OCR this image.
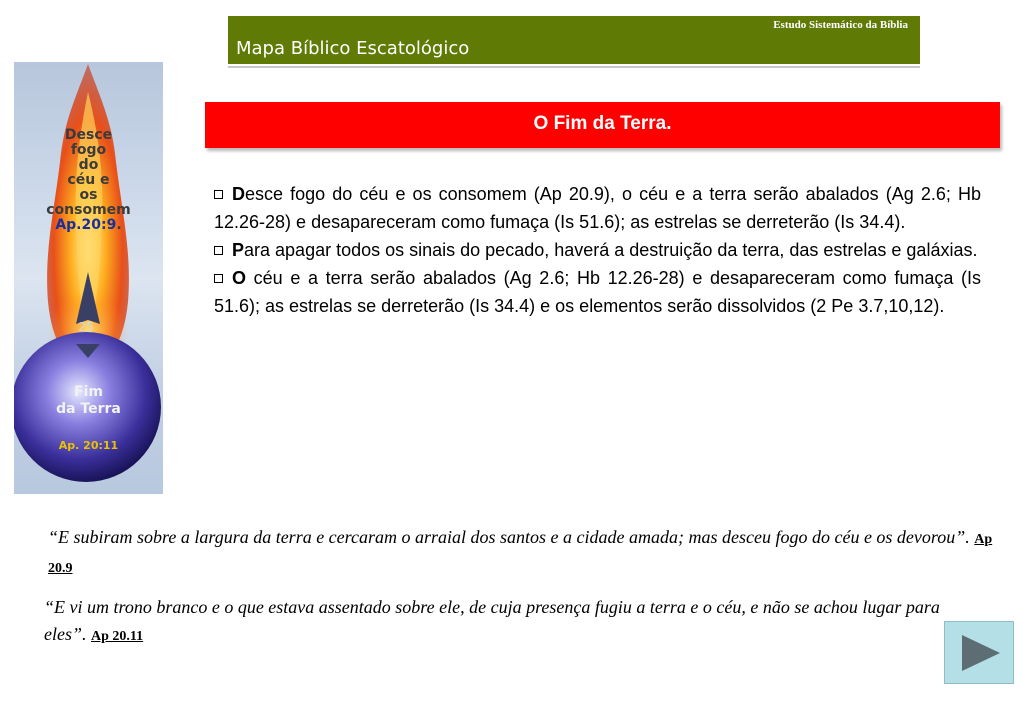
Estudo Sistemático da Bíblia
Mapa Bíblico Escatológico
Desce
fogo
do
céu e
os
consomem
Ap.20:9.
25
Fim
da Terra
Ap. 20:11
O Fim da Terra.

Desce fogo do céu e os consomem (Ap 20.9), o céu e a terra serão abalados (Ag 2.6; Hb 12.26-28) e desapareceram como fumaça (Is 51.6); as estrelas se derreterão (Is 34.4).

Para apagar todos os sinais do pecado, haverá a destruição da terra, das estrelas e galáxias.

O céu e a terra serão abalados (Ag 2.6; Hb 12.26-28) e desapareceram como fumaça (Is 51.6); as estrelas se derreterão (Is 34.4) e os elementos serão dissolvidos (2 Pe 3.7,10,12).

“E subiram sobre a largura da terra e cercaram o arraial dos santos e a cidade amada; mas desceu fogo do céu e os devorou”. Ap 20.9
“E vi um trono branco e o que estava assentado sobre ele, de cuja presença fugiu a terra e o céu, e não se achou lugar para eles”. Ap 20.11
